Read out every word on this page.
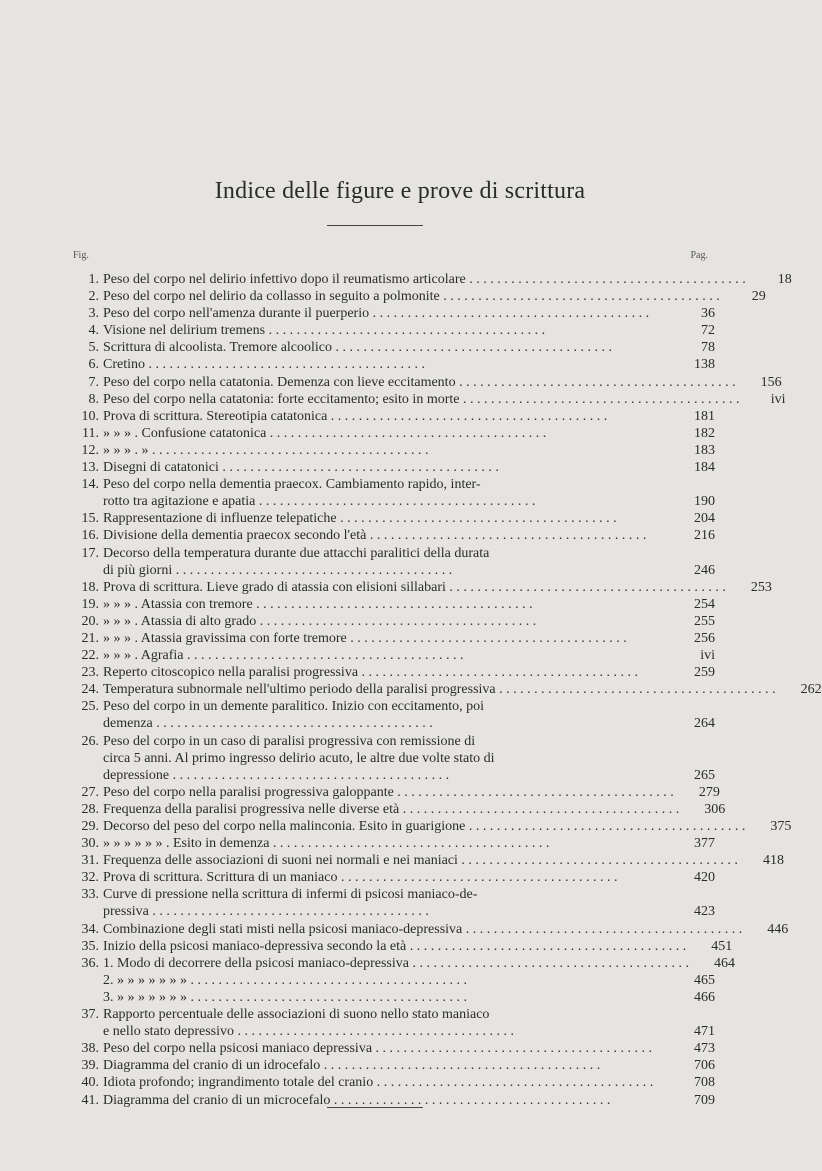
Indice delle figure e prove di scrittura
Fig.	Pag.
1. Peso del corpo nel delirio infettivo dopo il reumatismo articolare . . . . . . . . . . . . . . . . . . . . . . . . . . . . . . . . . . . . . . . .	18
2. Peso del corpo nel delirio da collasso in seguito a polmonite . . . . . . . . . . . . . . . . . . . . . . . . . . . . . . . . . . . . . . . .	29
3. Peso del corpo nell'amenza durante il puerperio . . . . . . . . . . . . . . . . . . . . . . . . . . . . . . . . . . . . . . . .	36
4. Visione nel delirium tremens . . . . . . . . . . . . . . . . . . . . . . . . . . . . . . . . . . . . . . . .	72
5. Scrittura di alcoolista. Tremore alcoolico . . . . . . . . . . . . . . . . . . . . . . . . . . . . . . . . . . . . . . . .	78
6. Cretino . . . . . . . . . . . . . . . . . . . . . . . . . . . . . . . . . . . . . . . .	138
7. Peso del corpo nella catatonia. Demenza con lieve eccitamento . . . . . . . . . . . . . . . . . . . . . . . . . . . . . . . . . . . . . . . .	156
8. Peso del corpo nella catatonia: forte eccitamento; esito in morte . . . . . . . . . . . . . . . . . . . . . . . . . . . . . . . . . . . . . . . .	ivi
10. Prova di scrittura. Stereotipia catatonica . . . . . . . . . . . . . . . . . . . . . . . . . . . . . . . . . . . . . . . .	181
11. » » » . Confusione catatonica . . . . . . . . . . . . . . . . . . . . . . . . . . . . . . . . . . . . . . . .	182
12. » » » . » . . . . . . . . . . . . . . . . . . . . . . . . . . . . . . . . . . . . . . . .	183
13. Disegni di catatonici . . . . . . . . . . . . . . . . . . . . . . . . . . . . . . . . . . . . . . . .	184
14. Peso del corpo nella dementia praecox. Cambiamento rapido, inter-
rotto tra agitazione e apatia . . . . . . . . . . . . . . . . . . . . . . . . . . . . . . . . . . . . . . . .	190
15. Rappresentazione di influenze telepatiche . . . . . . . . . . . . . . . . . . . . . . . . . . . . . . . . . . . . . . . .	204
16. Divisione della dementia praecox secondo l'età . . . . . . . . . . . . . . . . . . . . . . . . . . . . . . . . . . . . . . . .	216
17. Decorso della temperatura durante due attacchi paralitici della durata
di più giorni . . . . . . . . . . . . . . . . . . . . . . . . . . . . . . . . . . . . . . . .	246
18. Prova di scrittura. Lieve grado di atassia con elisioni sillabari . . . . . . . . . . . . . . . . . . . . . . . . . . . . . . . . . . . . . . . .	253
19. » » » . Atassia con tremore . . . . . . . . . . . . . . . . . . . . . . . . . . . . . . . . . . . . . . . .	254
20. » » » . Atassia di alto grado . . . . . . . . . . . . . . . . . . . . . . . . . . . . . . . . . . . . . . . .	255
21. » » » . Atassia gravissima con forte tremore . . . . . . . . . . . . . . . . . . . . . . . . . . . . . . . . . . . . . . . .	256
22. » » » . Agrafia . . . . . . . . . . . . . . . . . . . . . . . . . . . . . . . . . . . . . . . .	ivi
23. Reperto citoscopico nella paralisi progressiva . . . . . . . . . . . . . . . . . . . . . . . . . . . . . . . . . . . . . . . .	259
24. Temperatura subnormale nell'ultimo periodo della paralisi progressiva . . . . . . . . . . . . . . . . . . . . . . . . . . . . . . . . . . . . . . . .	262
25. Peso del corpo in un demente paralitico. Inizio con eccitamento, poi
demenza . . . . . . . . . . . . . . . . . . . . . . . . . . . . . . . . . . . . . . . .	264
26. Peso del corpo in un caso di paralisi progressiva con remissione di
circa 5 anni. Al primo ingresso delirio acuto, le altre due volte stato di
depressione . . . . . . . . . . . . . . . . . . . . . . . . . . . . . . . . . . . . . . . .	265
27. Peso del corpo nella paralisi progressiva galoppante . . . . . . . . . . . . . . . . . . . . . . . . . . . . . . . . . . . . . . . .	279
28. Frequenza della paralisi progressiva nelle diverse età . . . . . . . . . . . . . . . . . . . . . . . . . . . . . . . . . . . . . . . .	306
29. Decorso del peso del corpo nella malinconia. Esito in guarigione . . . . . . . . . . . . . . . . . . . . . . . . . . . . . . . . . . . . . . . .	375
30. » » » » » » . Esito in demenza . . . . . . . . . . . . . . . . . . . . . . . . . . . . . . . . . . . . . . . .	377
31. Frequenza delle associazioni di suoni nei normali e nei maniaci . . . . . . . . . . . . . . . . . . . . . . . . . . . . . . . . . . . . . . . .	418
32. Prova di scrittura. Scrittura di un maniaco . . . . . . . . . . . . . . . . . . . . . . . . . . . . . . . . . . . . . . . .	420
33. Curve di pressione nella scrittura di infermi di psicosi maniaco-de-
pressiva . . . . . . . . . . . . . . . . . . . . . . . . . . . . . . . . . . . . . . . .	423
34. Combinazione degli stati misti nella psicosi maniaco-depressiva . . . . . . . . . . . . . . . . . . . . . . . . . . . . . . . . . . . . . . . .	446
35. Inizio della psicosi maniaco-depressiva secondo la età . . . . . . . . . . . . . . . . . . . . . . . . . . . . . . . . . . . . . . . .	451
36. 1. Modo di decorrere della psicosi maniaco-depressiva . . . . . . . . . . . . . . . . . . . . . . . . . . . . . . . . . . . . . . . .	464
2. » » » » » » » . . . . . . . . . . . . . . . . . . . . . . . . . . . . . . . . . . . . . . . .	465
3. » » » » » » » . . . . . . . . . . . . . . . . . . . . . . . . . . . . . . . . . . . . . . . .	466
37. Rapporto percentuale delle associazioni di suono nello stato maniaco
e nello stato depressivo . . . . . . . . . . . . . . . . . . . . . . . . . . . . . . . . . . . . . . . .	471
38. Peso del corpo nella psicosi maniaco depressiva . . . . . . . . . . . . . . . . . . . . . . . . . . . . . . . . . . . . . . . .	473
39. Diagramma del cranio di un idrocefalo . . . . . . . . . . . . . . . . . . . . . . . . . . . . . . . . . . . . . . . .	706
40. Idiota profondo; ingrandimento totale del cranio . . . . . . . . . . . . . . . . . . . . . . . . . . . . . . . . . . . . . . . .	708
41. Diagramma del cranio di un microcefalo . . . . . . . . . . . . . . . . . . . . . . . . . . . . . . . . . . . . . . . .	709
